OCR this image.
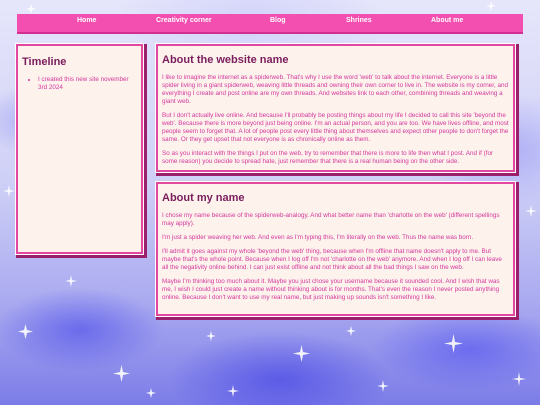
Home	Creativity corner	Blog	Shrines	About me
Timeline
• I created this new site november 3rd 2024
About the website name

I like to imagine the internet as a spiderweb. That's why I use the word 'web' to talk about the internet. Everyone is a little spider living in a giant spiderweb, weaving little threads and owning their own corner to live in. The website is my corner, and everything I create and post online are my own threads. And websites link to each other, combining threads and weaving a giant web.

But I don't actually live online. And because I'll probably be posting things about my life I decided to call this site 'beyond the web'. Because there is more beyond just being online. I'm an actual person, and you are too. We have lives offline, and most people seem to forget that. A lot of people post every little thing about themselves and expect other people to don't forget the same. Or they get upset that not everyone is as chronically online as them.

So as you interact with the things I put on the web, try to remember that there is more to life then what I post. And if (for some reason) you decide to spread hate, just remember that there is a real human being on the other side.

About my name

I chose my name because of the spiderweb-analogy. And what better name than 'charlotte on the web' (different spellings may apply).

I'm just a spider weaving her web. And even as I'm typing this, I'm literally on the web. Thus the name was born.

I'll admit it goes against my whole 'beyond the web' thing, because when I'm offline that name doesn't apply to me. But maybe that's the whole point. Because when I log off I'm not 'charlotte on the web' anymore. And when I log off I can leave all the negativity online behind. I can just exist offline and not think about all the bad things I saw on the web.

Maybe I'm thinking too much about it. Maybe you just chose your username because it sounded cool. And I wish that was me, I wish I could just create a name without thinking about is for months. That's even the reason I never posted anything online. Because I don't want to use my real name, but just making up sounds isn't something I like.
